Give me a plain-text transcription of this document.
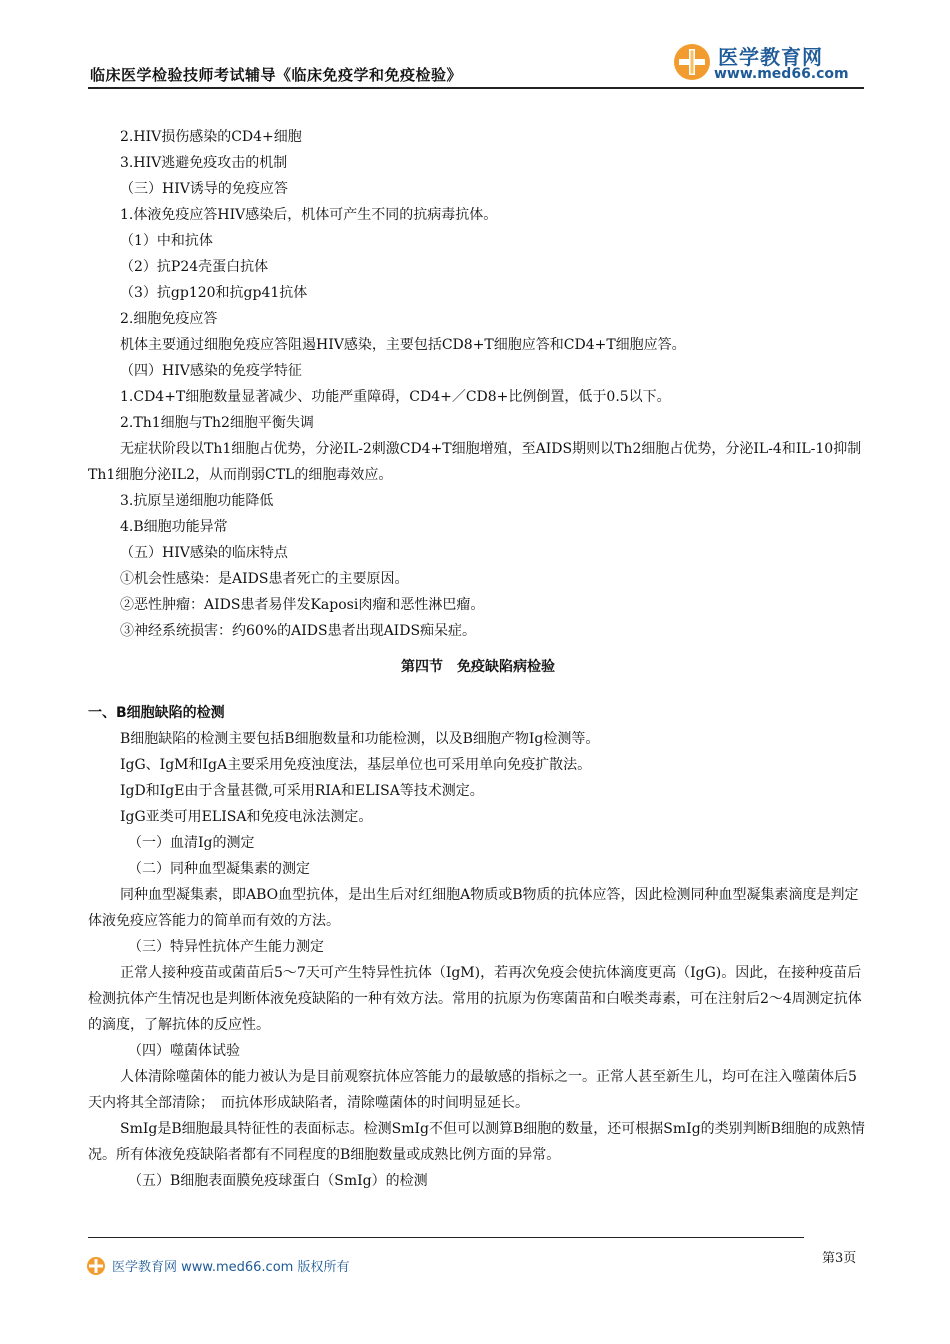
临床医学检验技师考试辅导《临床免疫学和免疫检验》
医学教育网
www.med66.com

2.HIV损伤感染的CD4+细胞

3.HIV逃避免疫攻击的机制

（三）HIV诱导的免疫应答

1.体液免疫应答HIV感染后，机体可产生不同的抗病毒抗体。

（1）中和抗体

（2）抗P24壳蛋白抗体

（3）抗gp120和抗gp41抗体

2.细胞免疫应答

机体主要通过细胞免疫应答阻遏HIV感染，主要包括CD8+T细胞应答和CD4+T细胞应答。

（四）HIV感染的免疫学特征

1.CD4+T细胞数量显著减少、功能严重障碍，CD4+／CD8+比例倒置，低于0.5以下。

2.Th1细胞与Th2细胞平衡失调

无症状阶段以Th1细胞占优势，分泌IL-2刺激CD4+T细胞增殖，至AIDS期则以Th2细胞占优势，分泌IL-4和IL-10抑制Th1细胞分泌IL2，从而削弱CTL的细胞毒效应。

3.抗原呈递细胞功能降低

4.B细胞功能异常

（五）HIV感染的临床特点

①机会性感染：是AIDS患者死亡的主要原因。

②恶性肿瘤：AIDS患者易伴发Kaposi肉瘤和恶性淋巴瘤。

③神经系统损害：约60%的AIDS患者出现AIDS痴呆症。

第四节　免疫缺陷病检验

一、B细胞缺陷的检测

B细胞缺陷的检测主要包括B细胞数量和功能检测，以及B细胞产物Ig检测等。

IgG、IgM和IgA主要采用免疫浊度法，基层单位也可采用单向免疫扩散法。

IgD和IgE由于含量甚微,可采用RIA和ELISA等技术测定。

IgG亚类可用ELISA和免疫电泳法测定。

（一）血清Ig的测定

（二）同种血型凝集素的测定

同种血型凝集素，即ABO血型抗体，是出生后对红细胞A物质或B物质的抗体应答，因此检测同种血型凝集素滴度是判定体液免疫应答能力的简单而有效的方法。

（三）特异性抗体产生能力测定

正常人接种疫苗或菌苗后5～7天可产生特异性抗体（IgM)，若再次免疫会使抗体滴度更高（IgG)。因此，在接种疫苗后检测抗体产生情况也是判断体液免疫缺陷的一种有效方法。常用的抗原为伤寒菌苗和白喉类毒素，可在注射后2～4周测定抗体的滴度，了解抗体的反应性。

（四）噬菌体试验

人体清除噬菌体的能力被认为是目前观察抗体应答能力的最敏感的指标之一。正常人甚至新生儿，均可在注入噬菌体后5天内将其全部清除；　而抗体形成缺陷者，清除噬菌体的时间明显延长。

SmIg是B细胞最具特征性的表面标志。检测SmIg不但可以测算B细胞的数量，还可根据SmIg的类别判断B细胞的成熟情况。所有体液免疫缺陷者都有不同程度的B细胞数量或成熟比例方面的异常。

（五）B细胞表面膜免疫球蛋白（SmIg）的检测

第3页
医学教育网 www.med66.com 版权所有
